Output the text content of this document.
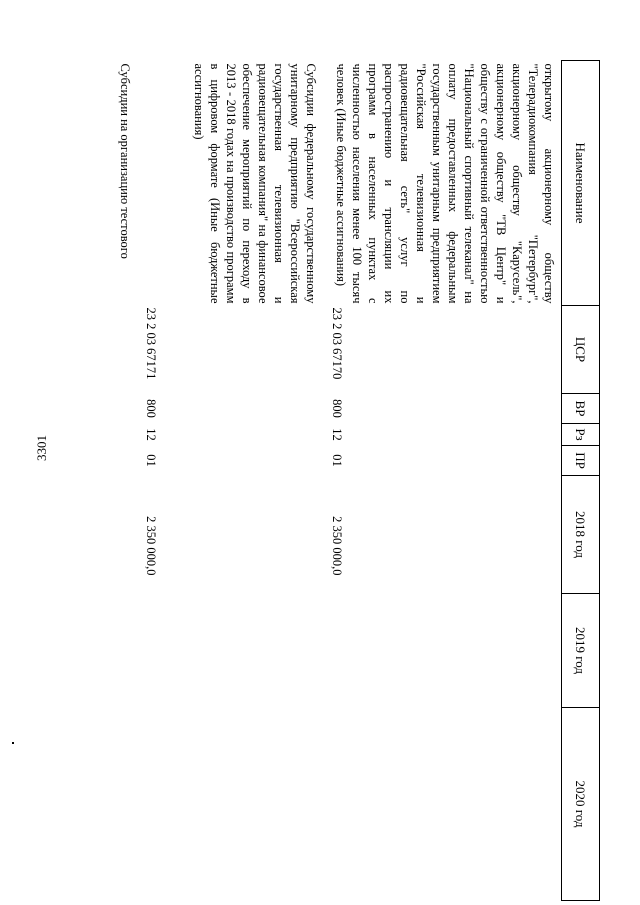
3301
Наименование	ЦСР	ВР	Рз	ПР	2018 год	2019 год	2020 год
открытому акционерному обществу "Телерадиокомпания "Петербург", акционерному обществу "Карусель", акционерному обществу "ТВ Центр" и обществу с ограниченной ответственностью "Национальный спортивный телеканал" на оплату предоставленных федеральным государственным унитарным предприятием "Российская телевизионная и радиовещательная сеть" услуг по распространению и трансляции их программ в населенных пунктах с численностью населения менее 100 тысяч человек (Иные бюджетные ассигнования)	23 2 03 67170	800	12	01	2 350 000,0		
Субсидии федеральному государственному унитарному предприятию "Всероссийская государственная телевизионная и радиовещательная компания" на финансовое обеспечение мероприятий по переходу в 2013 - 2018 годах на производство программ в цифровом формате (Иные бюджетные ассигнования)	23 2 03 67171	800	12	01	2 350 000,0		
Субсидии на организацию тестового							
